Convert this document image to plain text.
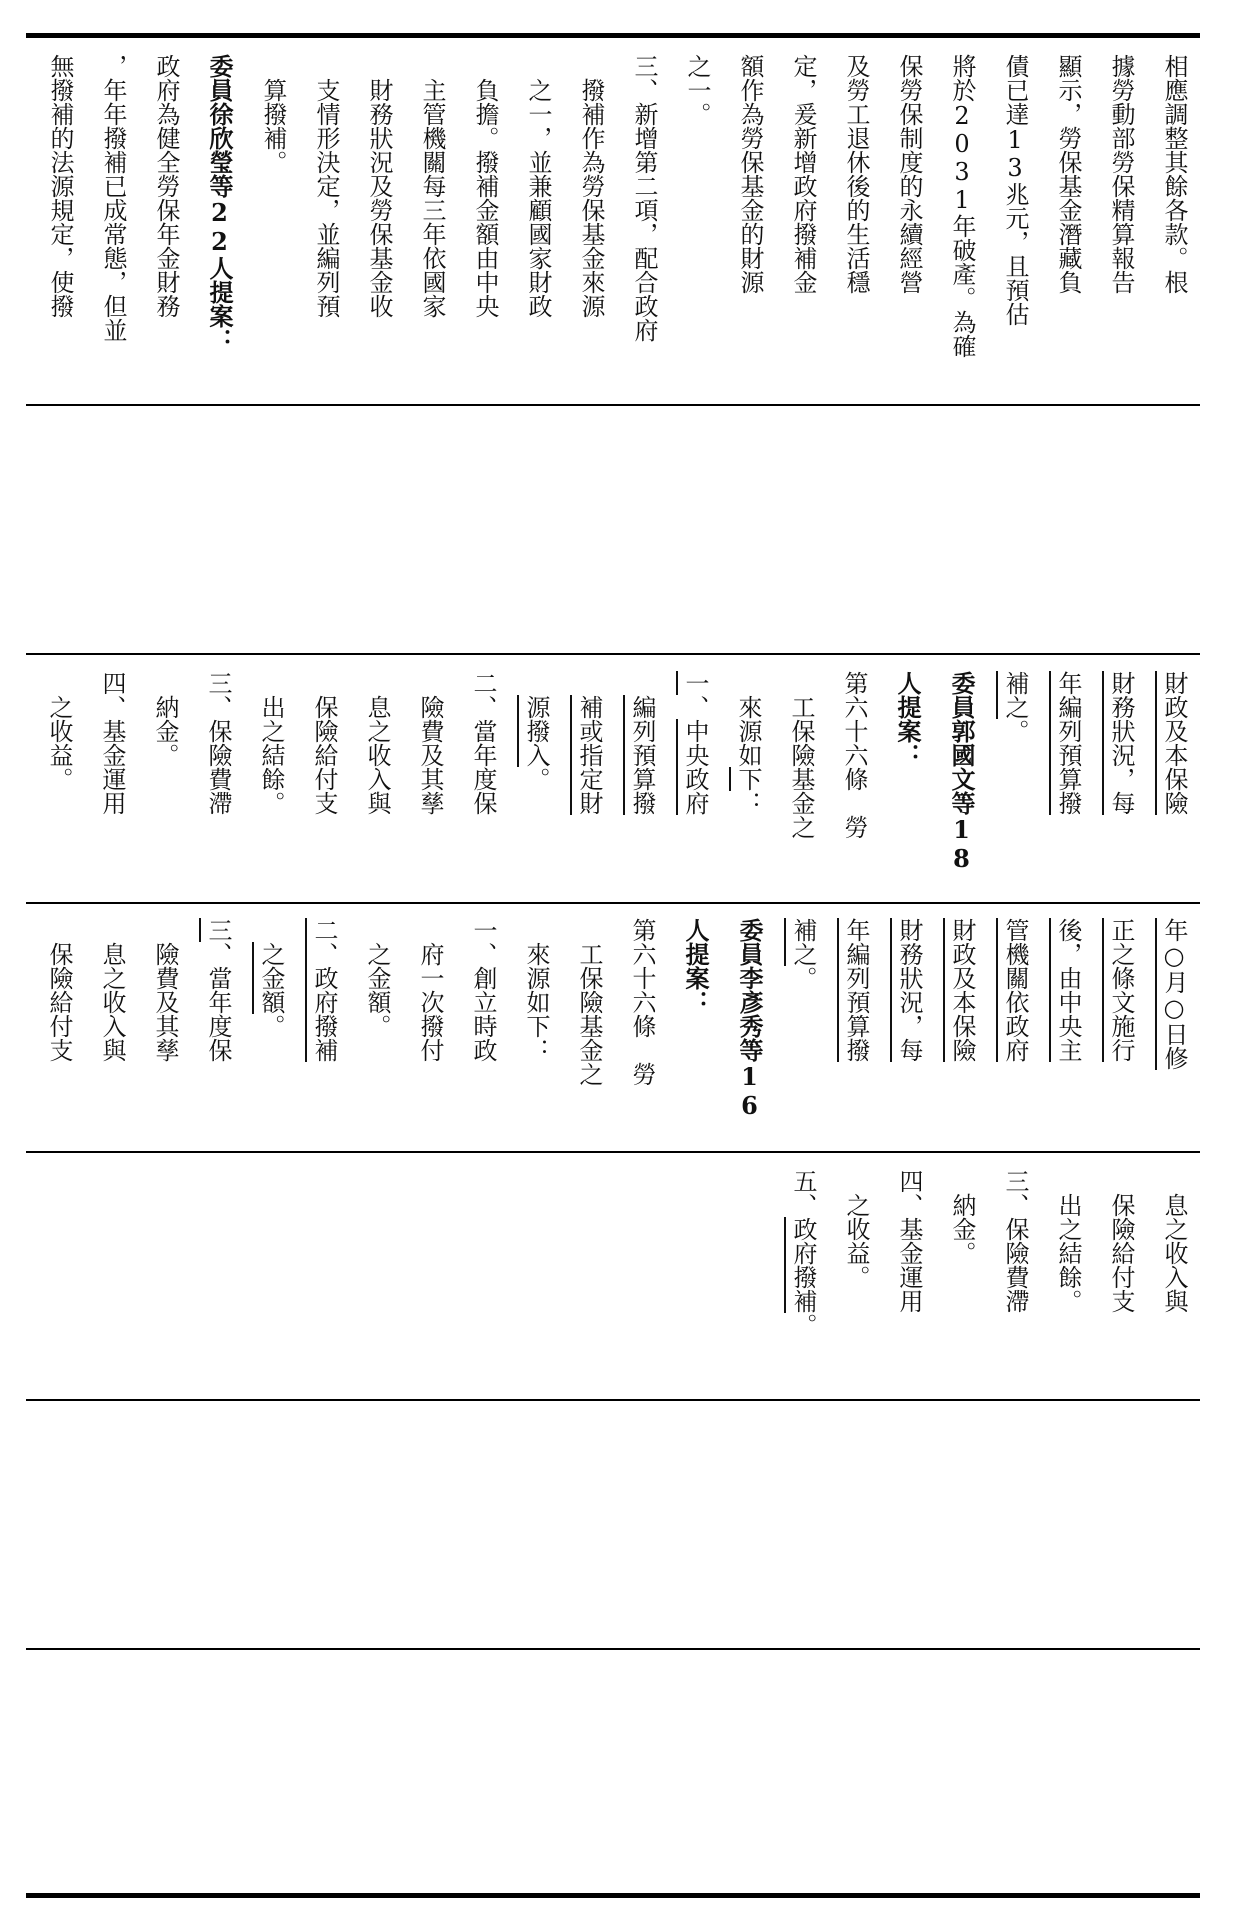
相應調整其餘各款。根
據勞動部勞保精算報告
顯示，勞保基金潛藏負
債已達13兆元，且預估
將於2031年破產。為確
保勞保制度的永續經營
及勞工退休後的生活穩
定，爰新增政府撥補金
額作為勞保基金的財源
之一。
三、新增第二項，配合政府
　撥補作為勞保基金來源
　之一，並兼顧國家財政
　負擔。撥補金額由中央
　主管機關每三年依國家
　財務狀況及勞保基金收
　支情形決定，並編列預
　算撥補。
委員徐欣瑩等22人提案：
政府為健全勞保年金財務
，年年撥補已成常態，但並
無撥補的法源規定，使撥
年○月○日修
正之條文施行
後，由中央主
管機關依政府
財政及本保險
財務狀況，每
年編列預算撥
補之。
委員李彥秀等16
人提案：
第六十六條　勞
　工保險基金之
　來源如下：
一、創立時政
　府一次撥付
　之金額。
二、政府撥補
　之金額。
三、當年度保
　險費及其孳
　息之收入與
　保險給付支
財政及本保險
財務狀況，每
年編列預算撥
補之。
委員郭國文等18
人提案：
第六十六條　勞
　工保險基金之
　來源如下：
一、中央政府
　編列預算撥
　補或指定財
　源撥入。
二、當年度保
　險費及其孳
　息之收入與
　保險給付支
　出之結餘。
三、保險費滯
　納金。
四、基金運用
　之收益。
　息之收入與
　保險給付支
　出之結餘。
三、保險費滯
　納金。
四、基金運用
　之收益。
五、政府撥補。
